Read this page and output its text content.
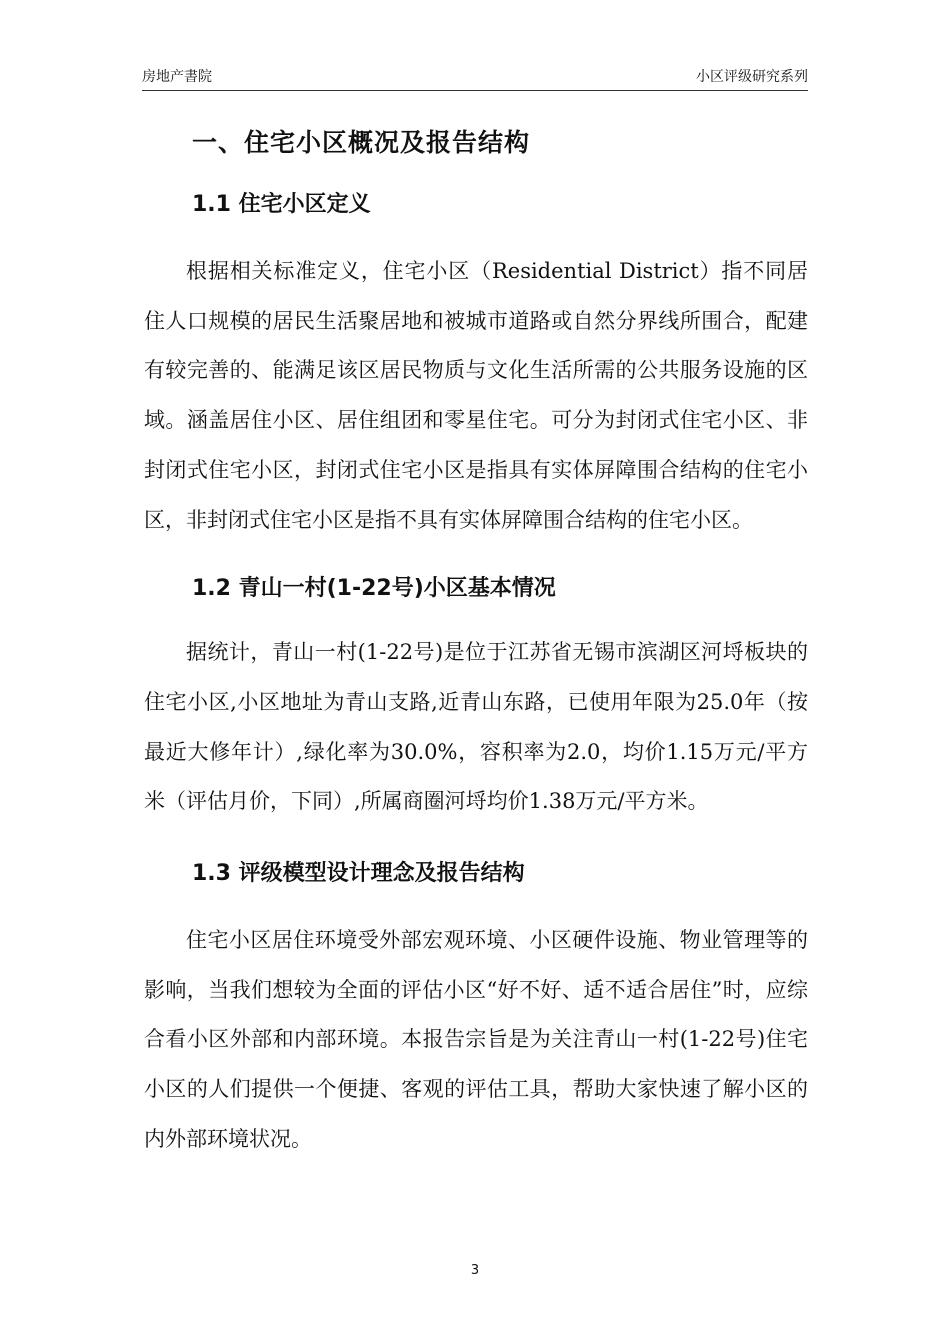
房地产書院	小区评级研究系列
一、住宅小区概况及报告结构
1.1 住宅小区定义

根据相关标准定义，住宅小区（Residential District）指不同居住人口规模的居民生活聚居地和被城市道路或自然分界线所围合，配建有较完善的、能满足该区居民物质与文化生活所需的公共服务设施的区域。涵盖居住小区、居住组团和零星住宅。可分为封闭式住宅小区、非封闭式住宅小区，封闭式住宅小区是指具有实体屏障围合结构的住宅小区，非封闭式住宅小区是指不具有实体屏障围合结构的住宅小区。

1.2 青山一村(1-22号)小区基本情况

据统计，青山一村(1-22号)是位于江苏省无锡市滨湖区河埒板块的住宅小区,小区地址为青山支路,近青山东路，已使用年限为25.0年（按最近大修年计）,绿化率为30.0%，容积率为2.0，均价1.15万元/平方米（评估月价，下同）,所属商圈河埒均价1.38万元/平方米。

1.3 评级模型设计理念及报告结构

住宅小区居住环境受外部宏观环境、小区硬件设施、物业管理等的影响，当我们想较为全面的评估小区“好不好、适不适合居住”时，应综合看小区外部和内部环境。本报告宗旨是为关注青山一村(1-22号)住宅小区的人们提供一个便捷、客观的评估工具，帮助大家快速了解小区的内外部环境状况。

3
